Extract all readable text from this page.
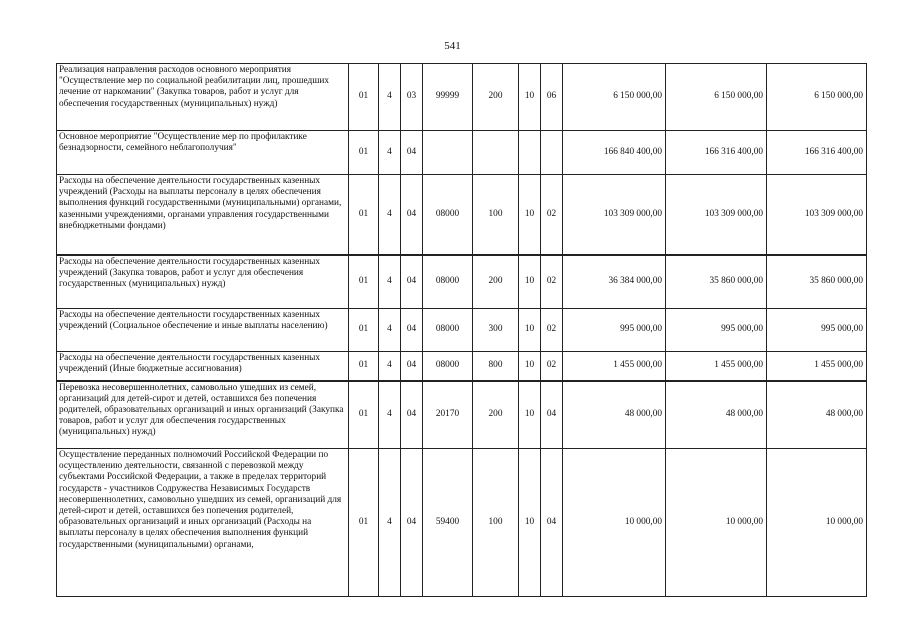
541
Реализация направления расходов основного мероприятия "Осуществление мер по социальной реабилитации лиц, прошедших лечение от наркомании" (Закупка товаров, работ и услуг для обеспечения государственных (муниципальных) нужд)	01	4	03	99999	200	10	06	6 150 000,00	6 150 000,00	6 150 000,00
Основное мероприятие "Осуществление мер по профилактике безнадзорности, семейного неблагополучия"	01	4	04					166 840 400,00	166 316 400,00	166 316 400,00
Расходы на обеспечение деятельности государственных казенных учреждений (Расходы на выплаты персоналу в целях обеспечения выполнения функций государственными (муниципальными) органами, казенными учреждениями, органами управления государственными внебюджетными фондами)	01	4	04	08000	100	10	02	103 309 000,00	103 309 000,00	103 309 000,00
Расходы на обеспечение деятельности государственных казенных учреждений (Закупка товаров, работ и услуг для обеспечения государственных (муниципальных) нужд)	01	4	04	08000	200	10	02	36 384 000,00	35 860 000,00	35 860 000,00
Расходы на обеспечение деятельности государственных казенных учреждений (Социальное обеспечение и иные выплаты населению)	01	4	04	08000	300	10	02	995 000,00	995 000,00	995 000,00
Расходы на обеспечение деятельности государственных казенных учреждений (Иные бюджетные ассигнования)	01	4	04	08000	800	10	02	1 455 000,00	1 455 000,00	1 455 000,00
Перевозка несовершеннолетних, самовольно ушедших из семей, организаций для детей-сирот и детей, оставшихся без попечения родителей, образовательных организаций и иных организаций (Закупка товаров, работ и услуг для обеспечения государственных (муниципальных) нужд)	01	4	04	20170	200	10	04	48 000,00	48 000,00	48 000,00
Осуществление переданных полномочий Российской Федерации по осуществлению деятельности, связанной с перевозкой между субъектами Российской Федерации, а также в пределах территорий государств - участников Содружества Независимых Государств несовершеннолетних, самовольно ушедших из семей, организаций для детей-сирот и детей, оставшихся без попечения родителей, образовательных организаций и иных организаций (Расходы на выплаты персоналу в целях обеспечения выполнения функций государственными (муниципальными) органами,	01	4	04	59400	100	10	04	10 000,00	10 000,00	10 000,00
